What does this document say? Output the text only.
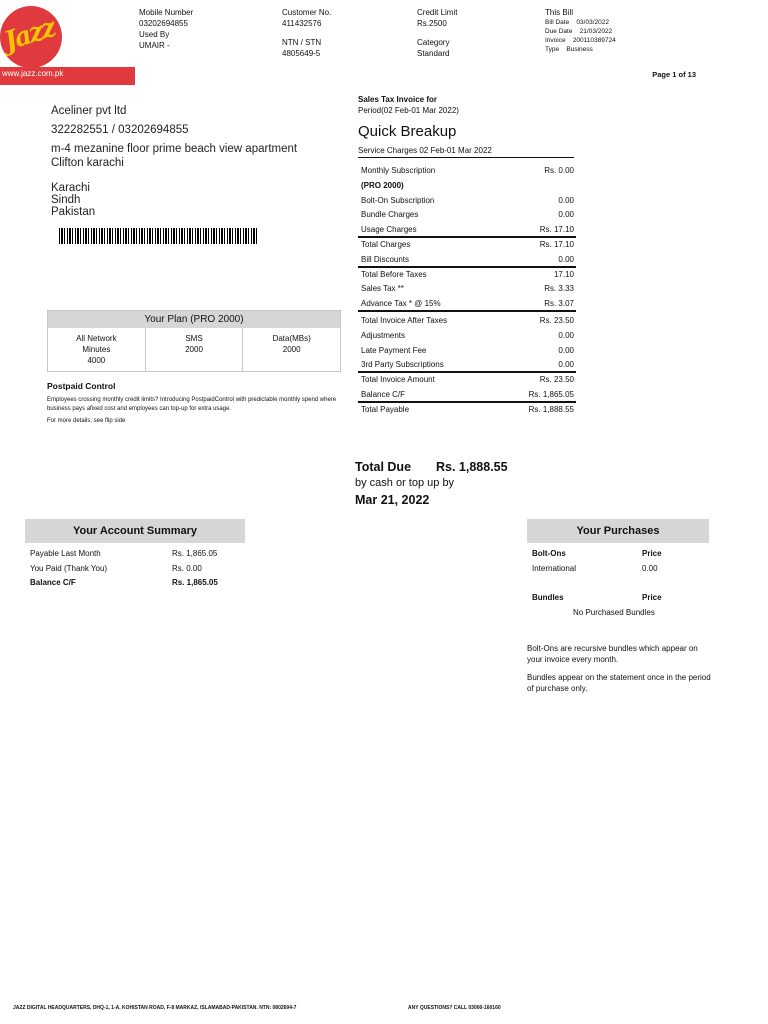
Jazz
www.jazz.com.pk
Mobile Number
03202694855
Used By
UMAIR -
Customer No.
411432576
NTN / STN
4805649-5
Credit Limit
Rs.2500
Category
Standard
This Bill
Bill Date    03/03/2022
Due Date    21/03/2022
Invoice    200110389724
Type    Business
Page 1 of 13
Aceliner pvt ltd
322282551 / 03202694855
m-4 mezanine floor prime beach view apartment
Clifton karachi
Karachi
Sindh
Pakistan
Your Plan (PRO 2000)
All Network Minutes
4000
SMS
2000
Data(MBs)
2000
Postpaid Control
Employees crossing monthly credit limits? Introducing PostpaidControl with predictable monthly spend where business pays afixed cost and employees can top-up for extra usage.
For more details, see flip side
Sales Tax Invoice for
Period(02 Feb-01 Mar 2022)
Quick Breakup
Service Charges 02 Feb-01 Mar 2022
Monthly Subscription	Rs. 0.00
(PRO 2000)
Bolt-On Subscription	0.00
Bundle Charges	0.00
Usage Charges	Rs. 17.10
Total Charges	Rs. 17.10
Bill Discounts	0.00
Total Before Taxes	17.10
Sales Tax **	Rs. 3.33
Advance Tax * @ 15%	Rs. 3.07
Total Invoice After Taxes	Rs. 23.50
Adjustments	0.00
Late Payment Fee	0.00
3rd Party Subscriptions	0.00
Total Invoice Amount	Rs. 23.50
Balance C/F	Rs. 1,865.05
Total Payable	Rs. 1,888.55
Total Due Rs. 1,888.55
by cash or top up by
Mar 21, 2022
Your Account Summary
Payable Last Month	Rs. 1,865.05
You Paid (Thank You)	Rs. 0.00
Balance C/F	Rs. 1,865.05
Your Purchases
Bolt-Ons	Price
International	0.00
Bundles	Price
No Purchased Bundles
Bolt-Ons are recursive bundles which appear on your invoice every month.
Bundles appear on the statement once in the period of purchase only.
JAZZ DIGITAL HEADQUARTERS, DHQ-1, 1-A, KOHISTAN ROAD, F-8 MARKAZ, ISLAMABAD-PAKISTAN. NTN: 0802694-7	ANY QUESTIONS? CALL 03000-160160
